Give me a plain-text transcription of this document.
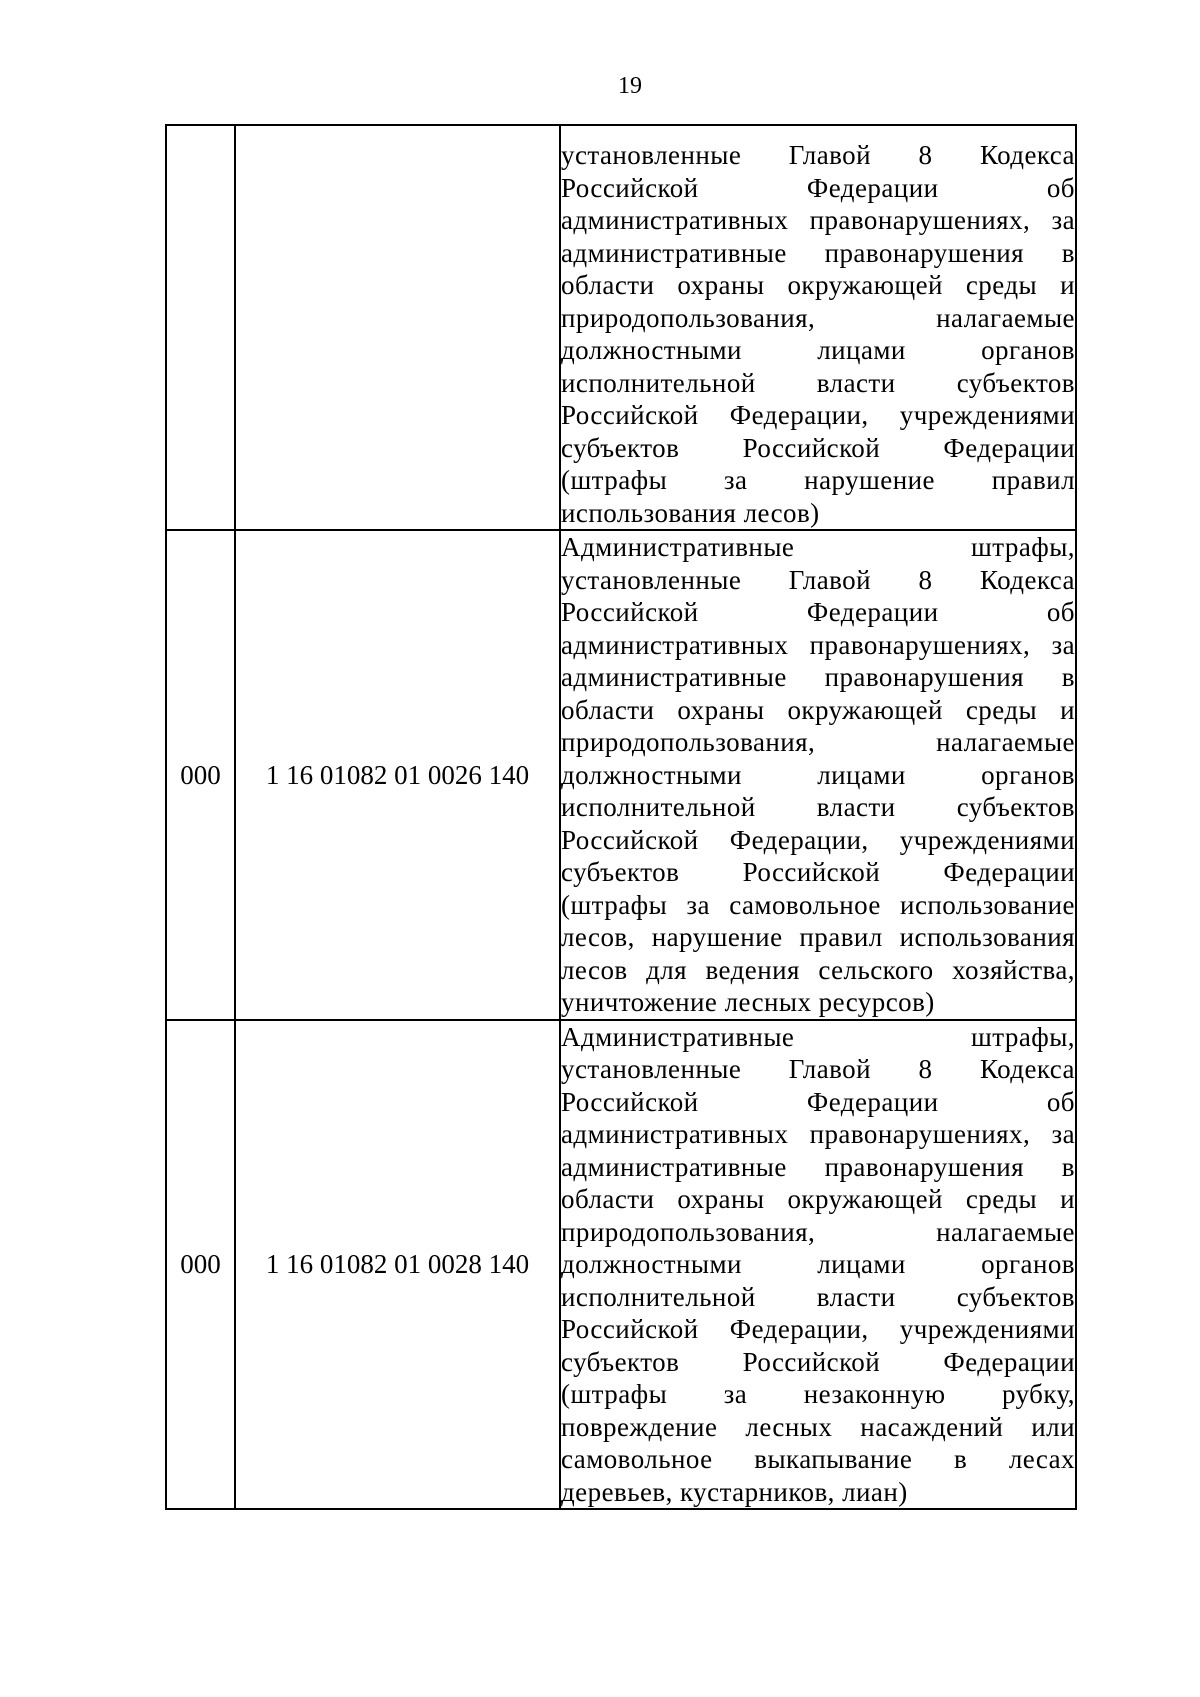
19
		установленные Главой 8 Кодекса Российской Федерации об административных правонарушениях, за административные правонарушения в области охраны окружающей среды и природопользования, налагаемые должностными лицами органов исполнительной власти субъектов Российской Федерации, учреждениями субъектов Российской Федерации (штрафы за нарушение правил использования лесов)
000	1 16 01082 01 0026 140	Административные штрафы, установленные Главой 8 Кодекса Российской Федерации об административных правонарушениях, за административные правонарушения в области охраны окружающей среды и природопользования, налагаемые должностными лицами органов исполнительной власти субъектов Российской Федерации, учреждениями субъектов Российской Федерации (штрафы за самовольное использование лесов, нарушение правил использования лесов для ведения сельского хозяйства, уничтожение лесных ресурсов)
000	1 16 01082 01 0028 140	Административные штрафы, установленные Главой 8 Кодекса Российской Федерации об административных правонарушениях, за административные правонарушения в области охраны окружающей среды и природопользования, налагаемые должностными лицами органов исполнительной власти субъектов Российской Федерации, учреждениями субъектов Российской Федерации (штрафы за незаконную рубку, повреждение лесных насаждений или самовольное выкапывание в лесах деревьев, кустарников, лиан)
